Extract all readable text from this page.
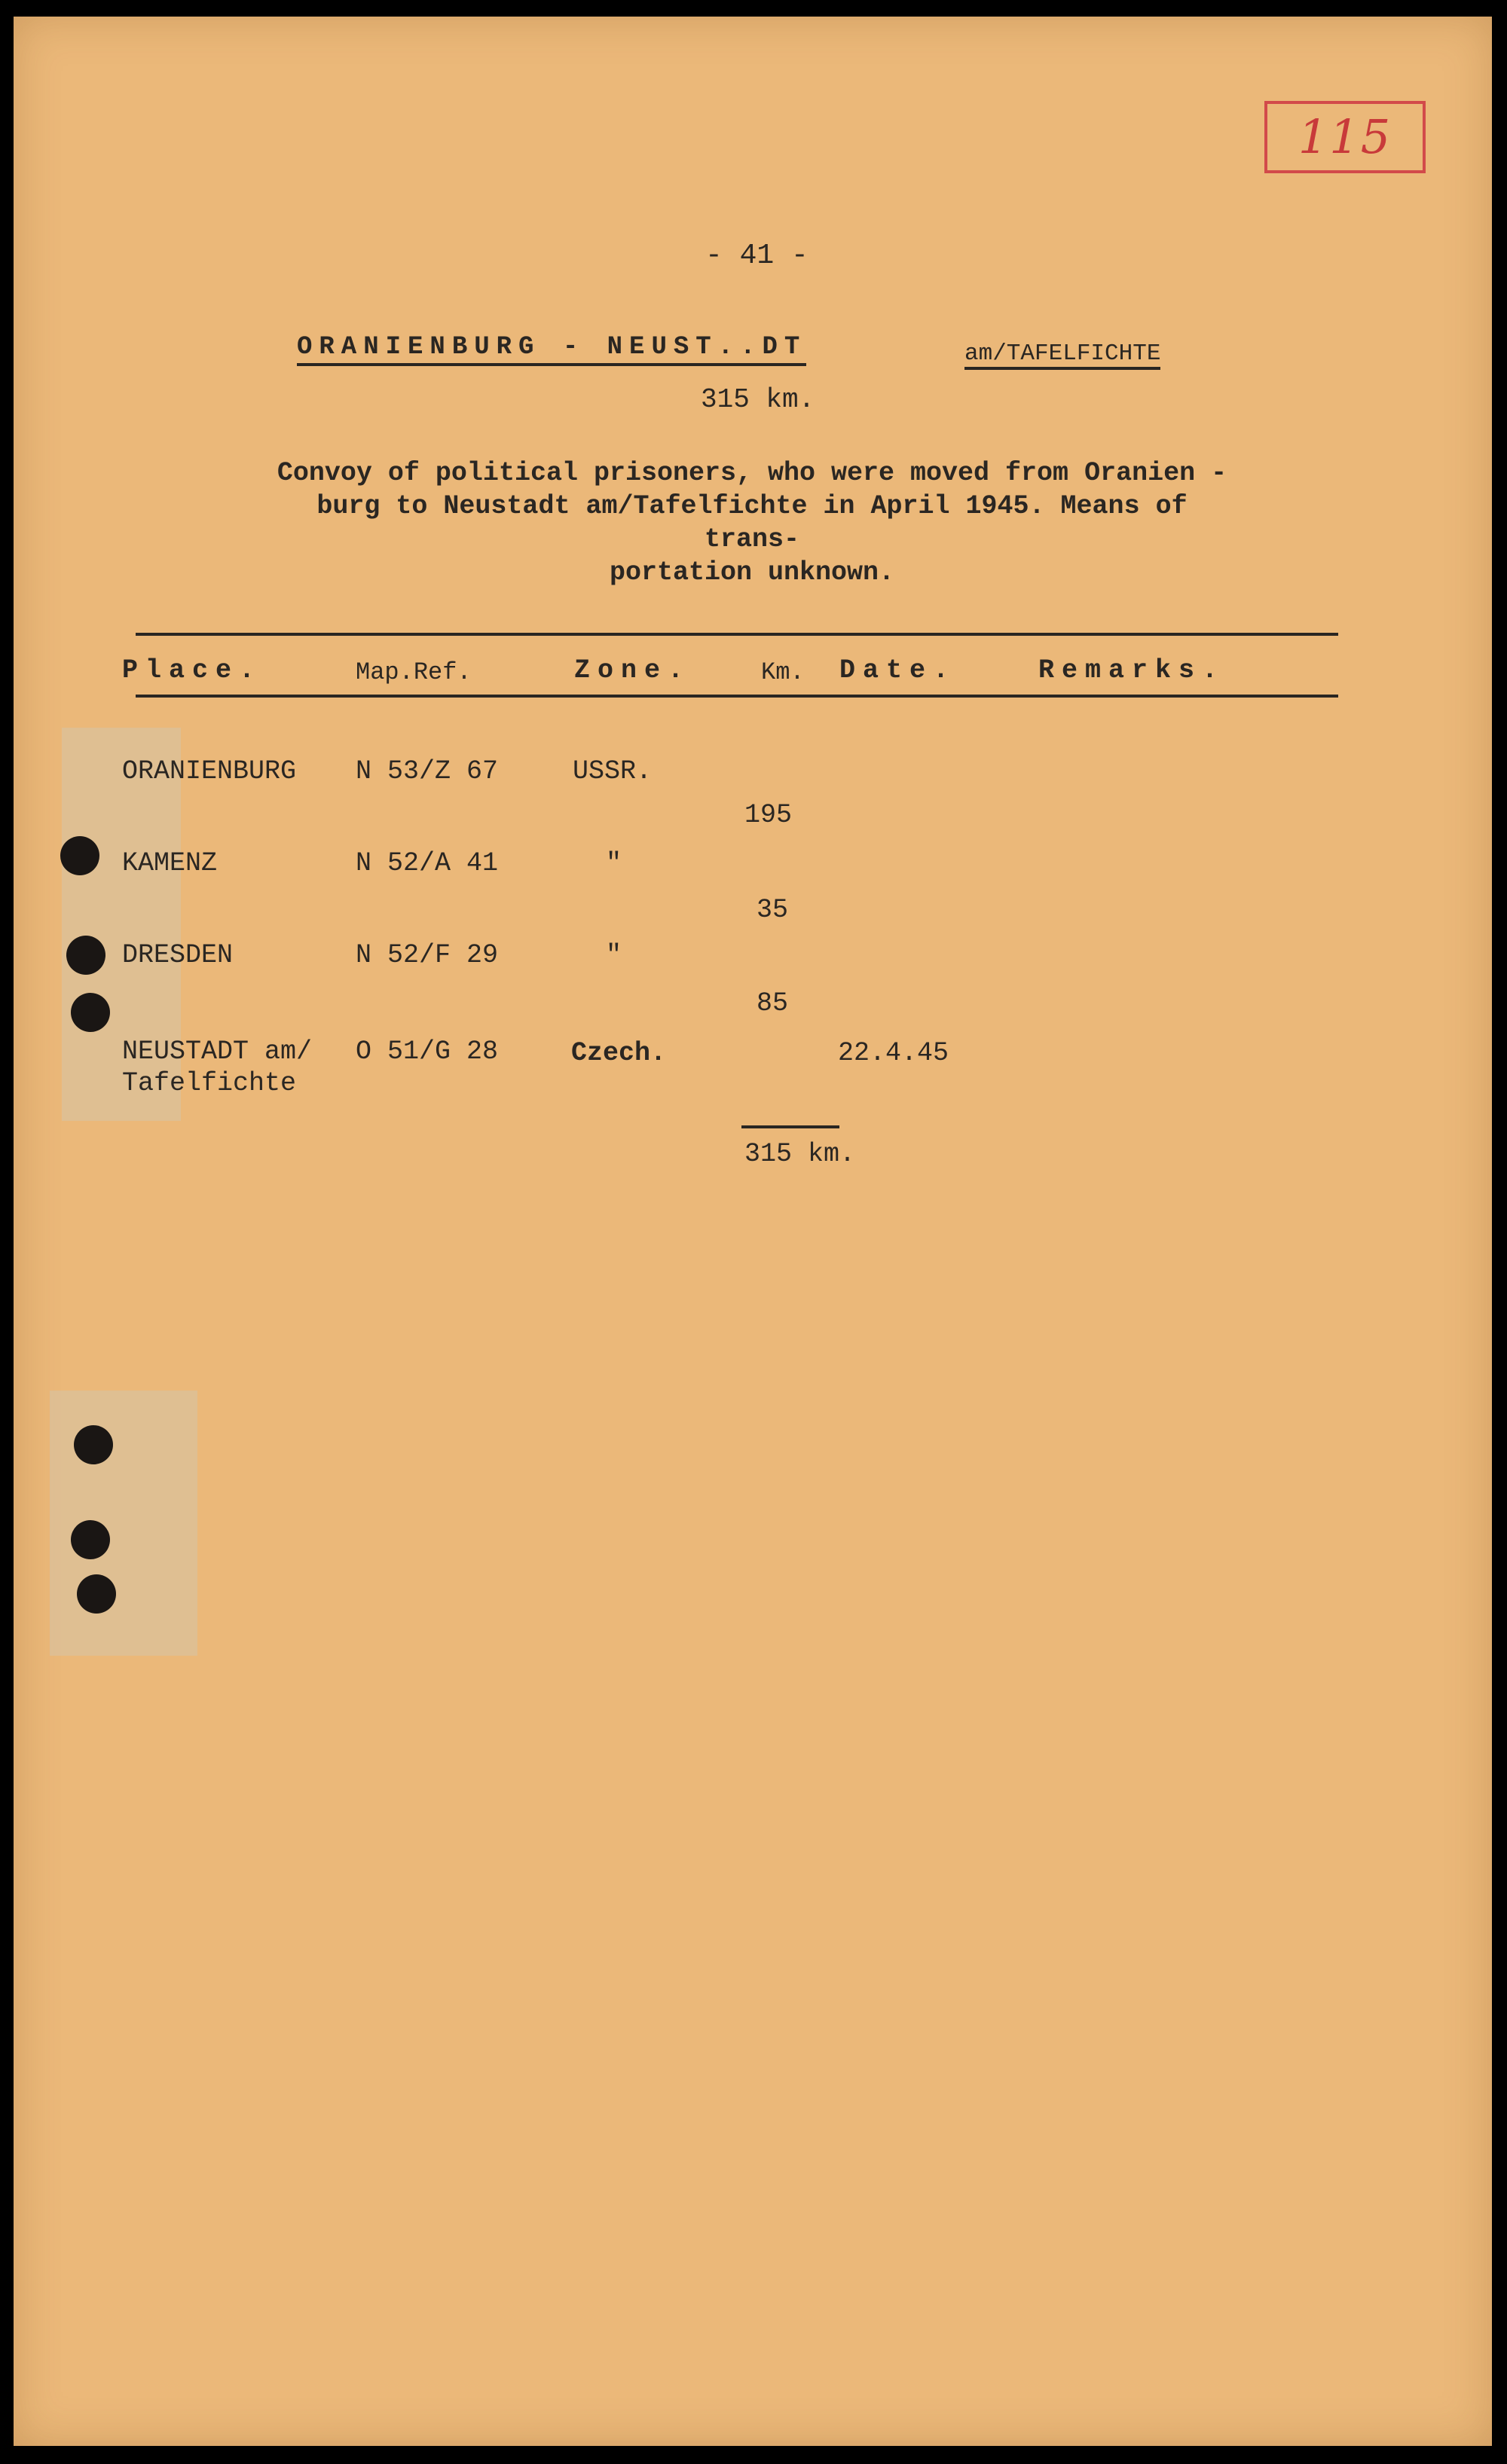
115
- 41 -
ORANIENBURG - NEUST..DT	am/TAFELFICHTE
315 km.
Convoy of political prisoners, who were moved from Oranien -
burg to Neustadt am/Tafelfichte in April 1945. Means of trans-
portation unknown.
Place.	Map.Ref.	Zone.	Km. Date.	Remarks.
ORANIENBURG N 53/Z 67	USSR.
195
KAMENZ	N 52/A 41	"
35
DRESDEN	N 52/F 29	"
85
NEUSTADT am/
Tafelfichte
O 51/G 28	Czech.	22.4.45
315 km.
